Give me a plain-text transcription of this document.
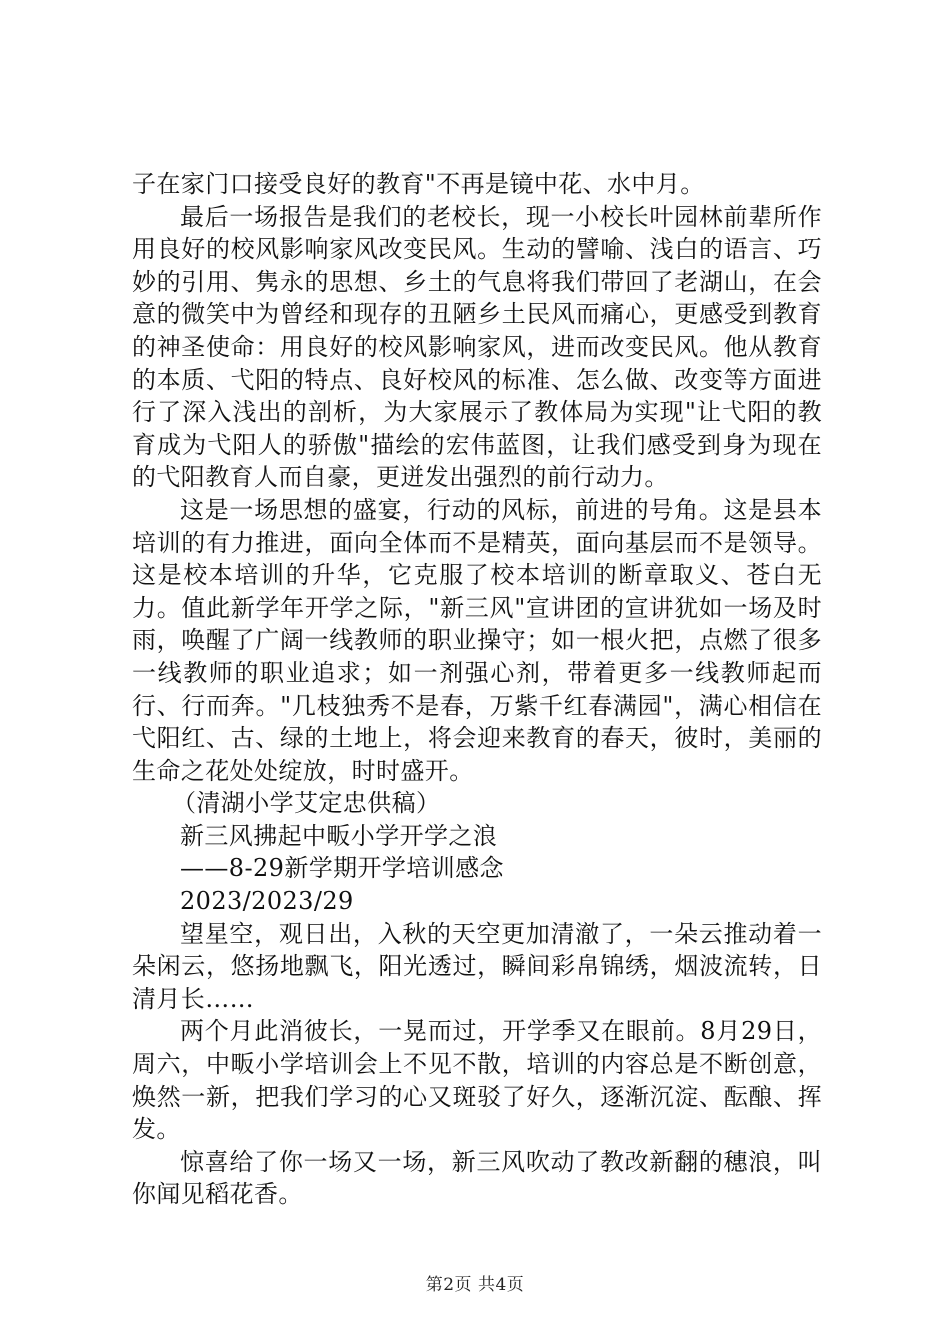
子在家门口接受良好的教育"不再是镜中花、水中月。

最后一场报告是我们的老校长，现一小校长叶园林前辈所作用良好的校风影响家风改变民风。生动的譬喻、浅白的语言、巧妙的引用、隽永的思想、乡土的气息将我们带回了老湖山，在会意的微笑中为曾经和现存的丑陋乡土民风而痛心，更感受到教育的神圣使命：用良好的校风影响家风，进而改变民风。他从教育的本质、弋阳的特点、良好校风的标准、怎么做、改变等方面进行了深入浅出的剖析，为大家展示了教体局为实现"让弋阳的教育成为弋阳人的骄傲"描绘的宏伟蓝图，让我们感受到身为现在的弋阳教育人而自豪，更迸发出强烈的前行动力。

这是一场思想的盛宴，行动的风标，前进的号角。这是县本培训的有力推进，面向全体而不是精英，面向基层而不是领导。这是校本培训的升华，它克服了校本培训的断章取义、苍白无力。值此新学年开学之际，"新三风"宣讲团的宣讲犹如一场及时雨，唤醒了广阔一线教师的职业操守；如一根火把，点燃了很多一线教师的职业追求；如一剂强心剂，带着更多一线教师起而行、行而奔。"几枝独秀不是春，万紫千红春满园"，满心相信在弋阳红、古、绿的土地上，将会迎来教育的春天，彼时，美丽的生命之花处处绽放，时时盛开。

（清湖小学艾定忠供稿）

新三风拂起中畈小学开学之浪

——8-29新学期开学培训感念

2023/2023/29

望星空，观日出，入秋的天空更加清澈了，一朵云推动着一朵闲云，悠扬地飘飞，阳光透过，瞬间彩帛锦绣，烟波流转，日清月长……

两个月此消彼长，一晃而过，开学季又在眼前。8月29日，周六，中畈小学培训会上不见不散，培训的内容总是不断创意，焕然一新，把我们学习的心又斑驳了好久，逐渐沉淀、酝酿、挥发。

惊喜给了你一场又一场，新三风吹动了教改新翻的穗浪，叫你闻见稻花香。

第2页 共4页
